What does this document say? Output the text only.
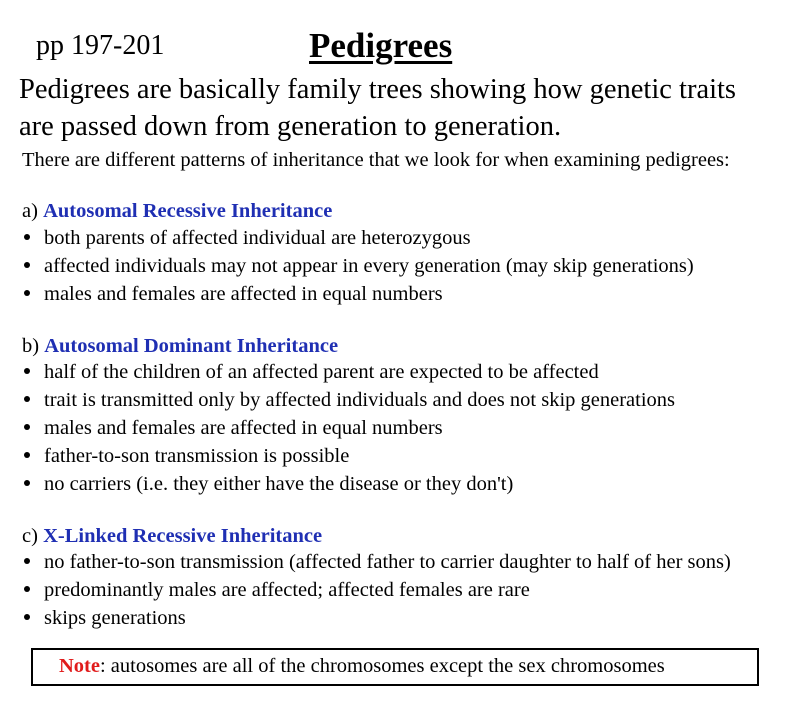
pp 197-201	Pedigrees
Pedigrees are basically family trees showing how genetic traits
are passed down from generation to generation.
There are different patterns of inheritance that we look for when examining pedigrees:
a) Autosomal Recessive Inheritance
both parents of affected individual are heterozygous
affected individuals may not appear in every generation (may skip generations)
males and females are affected in equal numbers
b) Autosomal Dominant Inheritance
half of the children of an affected parent are expected to be affected
trait is transmitted only by affected individuals and does not skip generations
males and females are affected in equal numbers
father-to-son transmission is possible
no carriers (i.e. they either have the disease or they don't)
c) X-Linked Recessive Inheritance
no father-to-son transmission (affected father to carrier daughter to half of her sons)
predominantly males are affected; affected females are rare
skips generations
Note: autosomes are all of the chromosomes except the sex chromosomes
